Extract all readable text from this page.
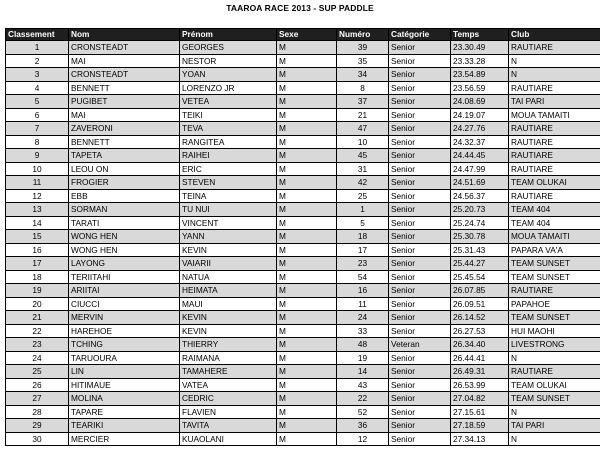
TAAROA RACE 2013 - SUP PADDLE
Classement	Nom	Prénom	Sexe	Numéro	Catégorie	Temps	Club
1	CRONSTEADT	GEORGES	M	39	Senior	23.30.49	RAUTIARE
2	MAI	NESTOR	M	35	Senior	23.33.28	N
3	CRONSTEADT	YOAN	M	34	Senior	23.54.89	N
4	BENNETT	LORENZO JR	M	8	Senior	23.56.59	RAUTIARE
5	PUGIBET	VETEA	M	37	Senior	24.08.69	TAI PARI
6	MAI	TEIKI	M	21	Senior	24.19.07	MOUA TAMAITI
7	ZAVERONI	TEVA	M	47	Senior	24.27.76	RAUTIARE
8	BENNETT	RANGITEA	M	10	Senior	24.32.37	RAUTIARE
9	TAPETA	RAIHEI	M	45	Senior	24.44.45	RAUTIARE
10	LEOU ON	ERIC	M	31	Senior	24.47.99	RAUTIARE
11	FROGIER	STEVEN	M	42	Senior	24.51.69	TEAM OLUKAI
12	EBB	TEINA	M	25	Senior	24.56.37	RAUTIARE
13	SORMAN	TU NUI	M	1	Senior	25.20.73	TEAM 404
14	TARATI	VINCENT	M	5	Senior	25.24.74	TEAM 404
15	WONG HEN	YANN	M	18	Senior	25.30.78	MOUA TAMAITI
16	WONG HEN	KEVIN	M	17	Senior	25.31.43	PAPARA VA'A
17	LAYONG	VAIARII	M	23	Senior	25.44.27	TEAM SUNSET
18	TERIITAHI	NATUA	M	54	Senior	25.45.54	TEAM SUNSET
19	ARIITAI	HEIMATA	M	16	Senior	26.07.85	RAUTIARE
20	CIUCCI	MAUI	M	11	Senior	26.09.51	PAPAHOE
21	MERVIN	KEVIN	M	24	Senior	26.14.52	TEAM SUNSET
22	HAREHOE	KEVIN	M	33	Senior	26.27.53	HUI MAOHI
23	TCHING	THIERRY	M	48	Veteran	26.34.40	LIVESTRONG
24	TARUOURA	RAIMANA	M	19	Senior	26.44.41	N
25	LIN	TAMAHERE	M	14	Senior	26.49.31	RAUTIARE
26	HITIMAUE	VATEA	M	43	Senior	26.53.99	TEAM OLUKAI
27	MOLINA	CEDRIC	M	22	Senior	27.04.82	TEAM SUNSET
28	TAPARE	FLAVIEN	M	52	Senior	27.15.61	N
29	TEARIKI	TAVITA	M	36	Senior	27.18.59	TAI PARI
30	MERCIER	KUAOLANI	M	12	Senior	27.34.13	N
